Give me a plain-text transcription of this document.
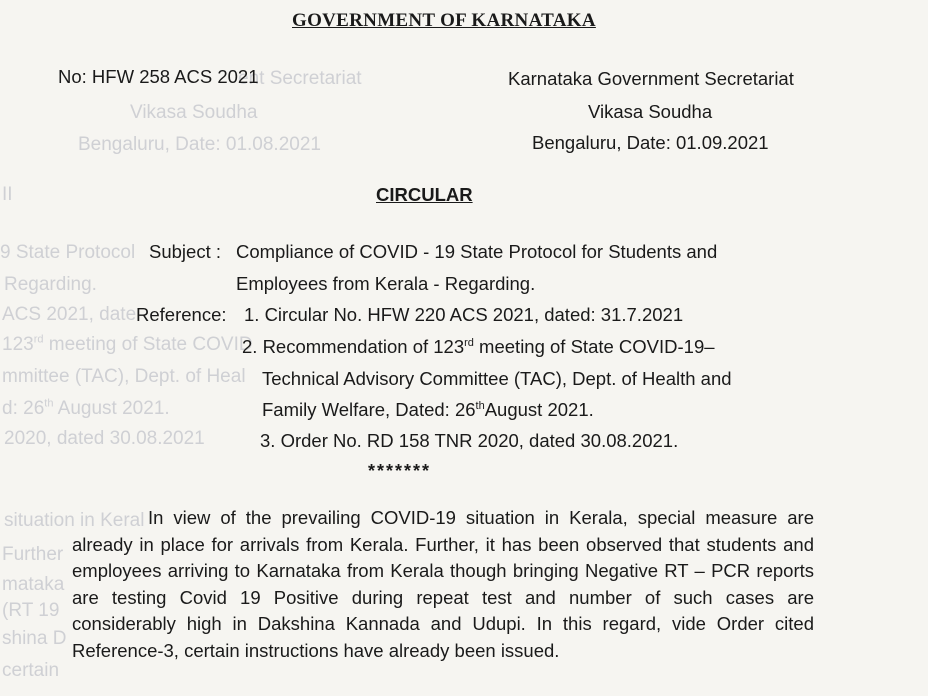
ent Secretariat
Vikasa Soudha
Bengaluru, Date: 01.08.2021
II
9 State Protocol
Regarding.
ACS 2021, date
123rd meeting of State COVID
mmittee (TAC), Dept. of Heal
d: 26th August 2021.
2020, dated 30.08.2021
situation in Keral
Further
mataka
(RT 19
shina D
certain
GOVERNMENT OF KARNATAKA
No: HFW 258 ACS 2021	Karnataka Government Secretariat
Vikasa Soudha
Bengaluru, Date: 01.09.2021
CIRCULAR
Subject : Compliance of COVID - 19 State Protocol for Students and
Employees from Kerala - Regarding.
Reference: 1. Circular No. HFW 220 ACS 2021, dated: 31.7.2021
2. Recommendation of 123rd meeting of State COVID-19–
Technical Advisory Committee (TAC), Dept. of Health and
Family Welfare, Dated: 26thAugust 2021.
3. Order No. RD 158 TNR 2020, dated 30.08.2021.
*******
In view of the prevailing COVID-19 situation in Kerala, special measure are already in place for arrivals from Kerala. Further, it has been observed that students and employees arriving to Karnataka from Kerala though bringing Negative RT – PCR reports are testing Covid 19 Positive during repeat test and number of such cases are considerably high in Dakshina Kannada and Udupi. In this regard, vide Order cited Reference-3, certain instructions have already been issued.
